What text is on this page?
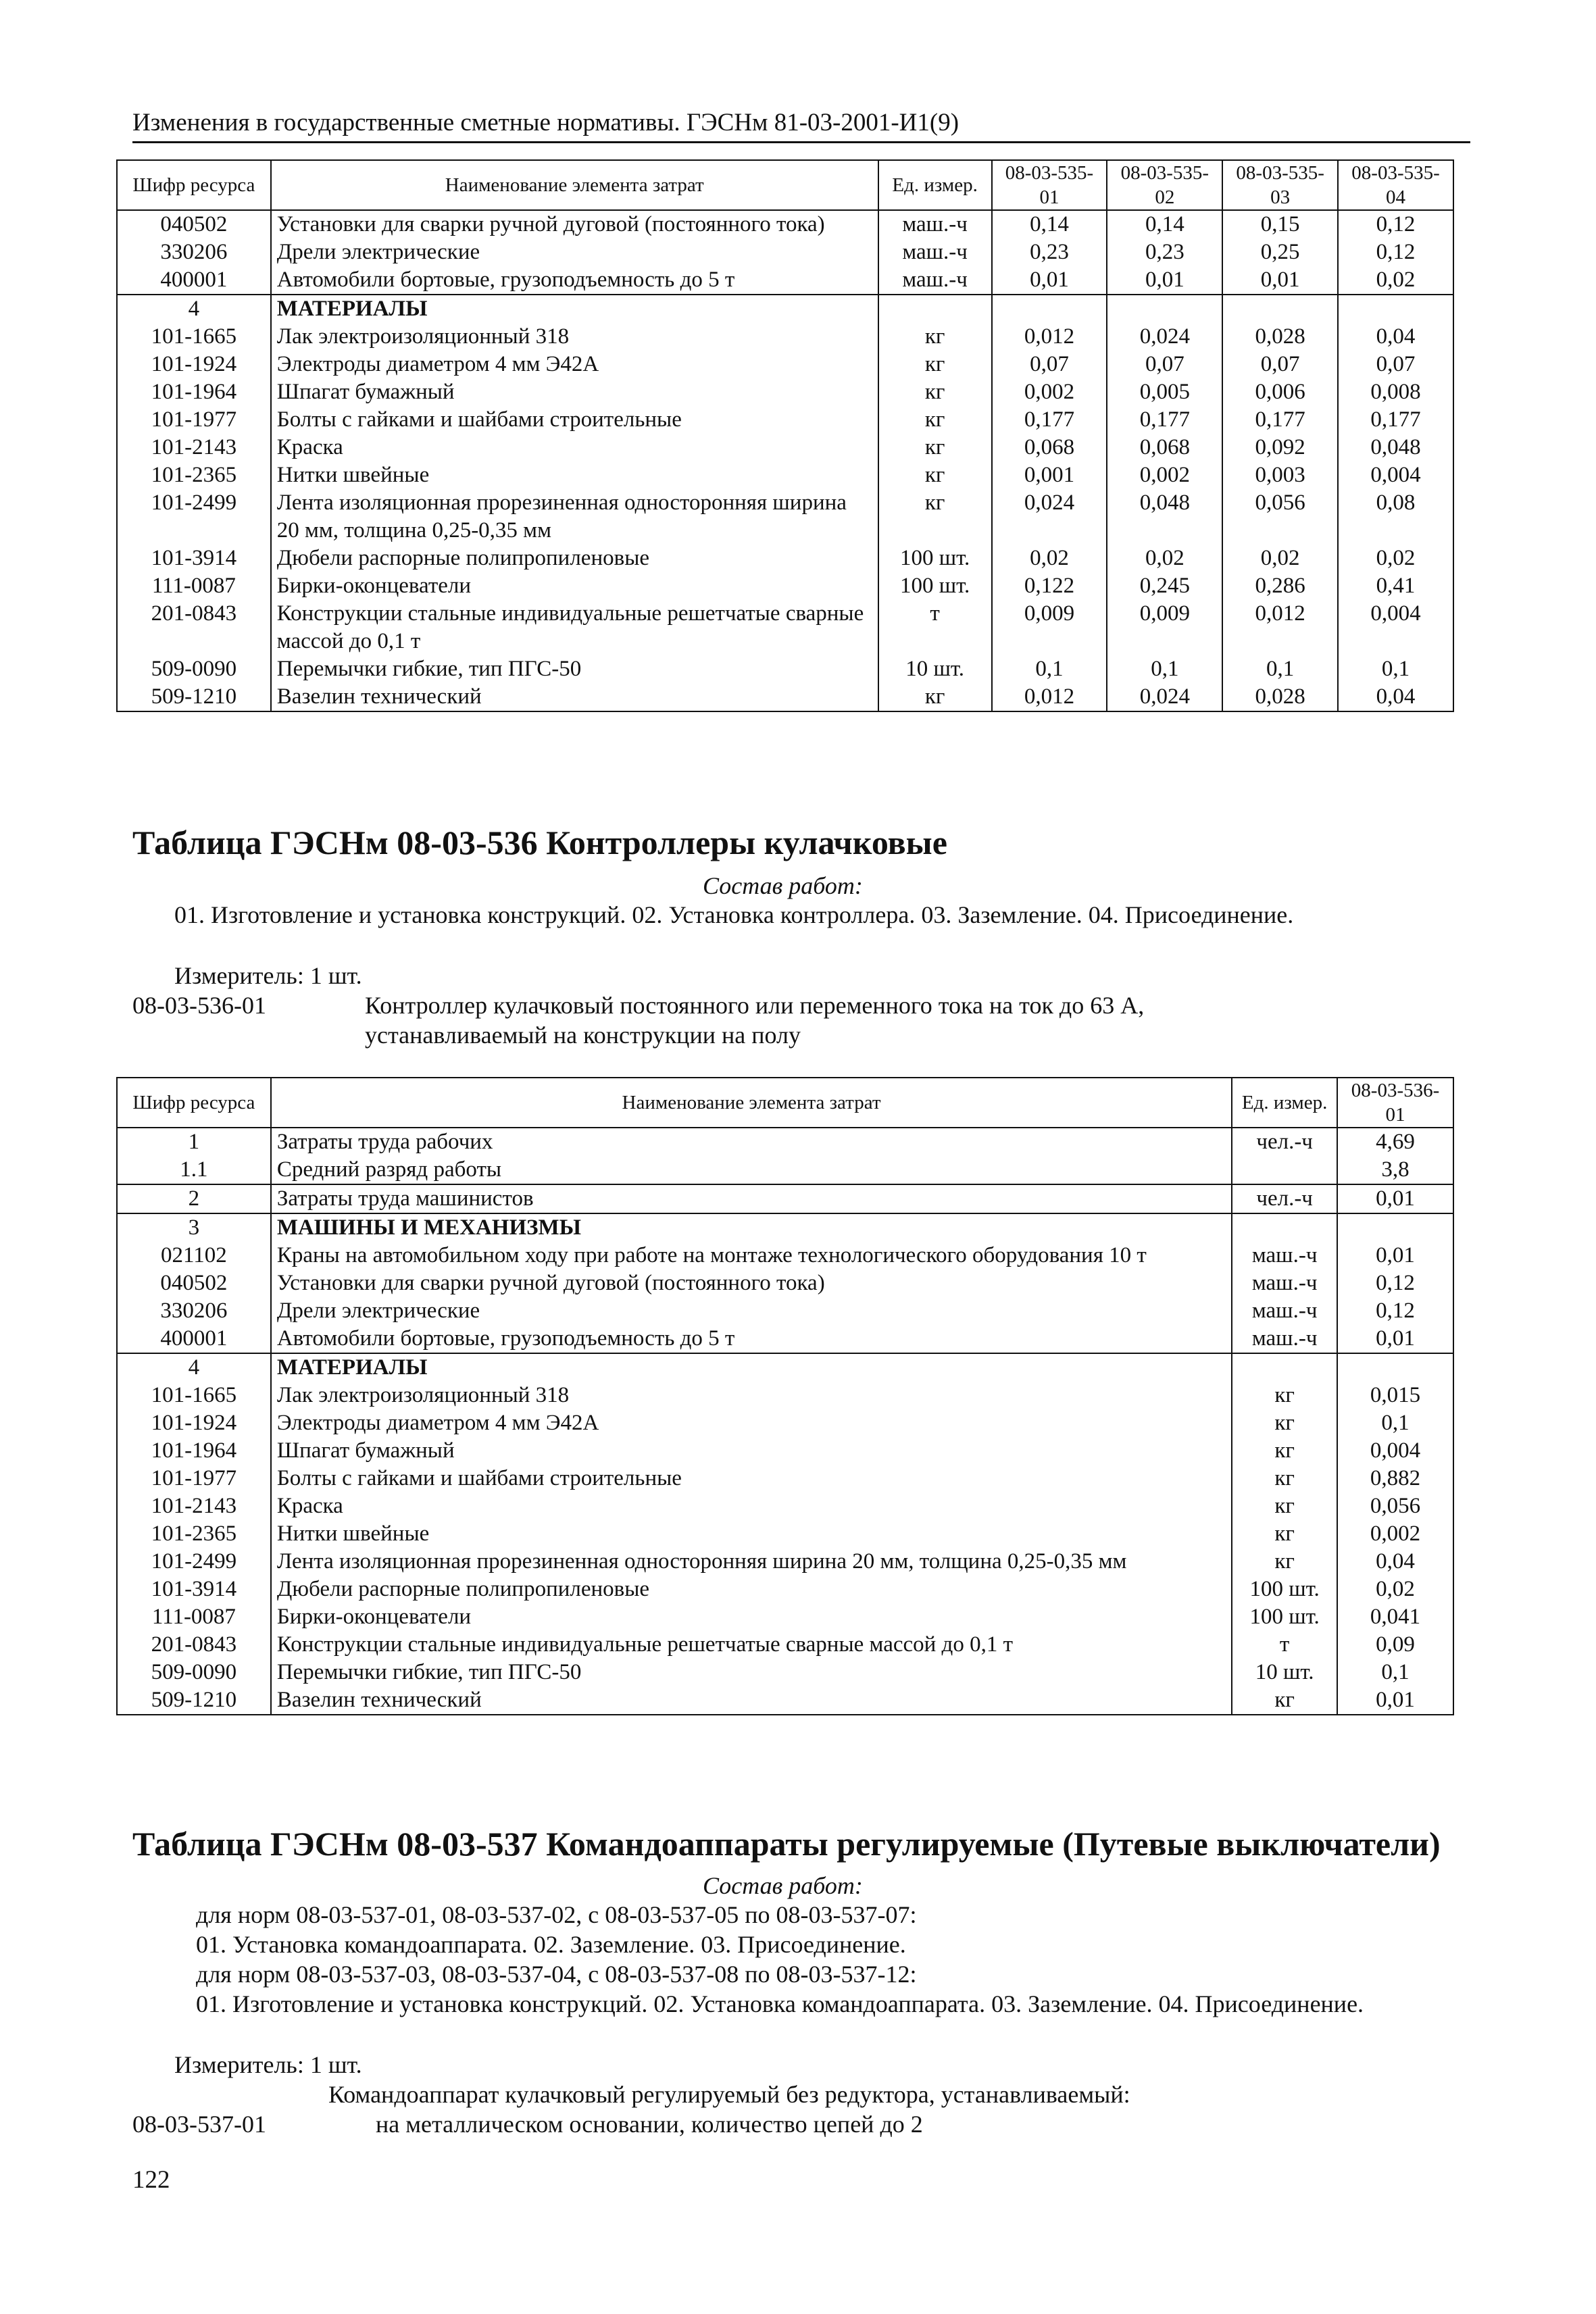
Изменения в государственные сметные нормативы. ГЭСНм 81-03-2001-И1(9)
Шифр ресурса	Наименование элемента затрат	Ед. измер.	08-03-535-01	08-03-535-02	08-03-535-03	08-03-535-04
040502	Установки для сварки ручной дуговой (постоянного тока)	маш.-ч	0,14	0,14	0,15	0,12
330206	Дрели электрические	маш.-ч	0,23	0,23	0,25	0,12
400001	Автомобили бортовые, грузоподъемность до 5 т	маш.-ч	0,01	0,01	0,01	0,02
4	МАТЕРИАЛЫ					
101-1665	Лак электроизоляционный 318	кг	0,012	0,024	0,028	0,04
101-1924	Электроды диаметром 4 мм Э42А	кг	0,07	0,07	0,07	0,07
101-1964	Шпагат бумажный	кг	0,002	0,005	0,006	0,008
101-1977	Болты с гайками и шайбами строительные	кг	0,177	0,177	0,177	0,177
101-2143	Краска	кг	0,068	0,068	0,092	0,048
101-2365	Нитки швейные	кг	0,001	0,002	0,003	0,004
101-2499	Лента изоляционная прорезиненная односторонняя ширина 20 мм, толщина 0,25-0,35 мм	кг	0,024	0,048	0,056	0,08
101-3914	Дюбели распорные полипропиленовые	100 шт.	0,02	0,02	0,02	0,02
111-0087	Бирки-оконцеватели	100 шт.	0,122	0,245	0,286	0,41
201-0843	Конструкции стальные индивидуальные решетчатые сварные массой до 0,1 т	т	0,009	0,009	0,012	0,004
509-0090	Перемычки гибкие, тип ПГС-50	10 шт.	0,1	0,1	0,1	0,1
509-1210	Вазелин технический	кг	0,012	0,024	0,028	0,04
Таблица ГЭСНм 08-03-536 Контроллеры кулачковые
Состав работ:
01. Изготовление и установка конструкций. 02. Установка контроллера. 03. Заземление. 04. Присоединение.
Измеритель: 1 шт.
08-03-536-01	Контроллер кулачковый постоянного или переменного тока на ток до 63 А,
устанавливаемый на конструкции на полу
Шифр ресурса	Наименование элемента затрат	Ед. измер.	08-03-536-01
1	Затраты труда рабочих	чел.-ч	4,69
1.1	Средний разряд работы		3,8
2	Затраты труда машинистов	чел.-ч	0,01
3	МАШИНЫ И МЕХАНИЗМЫ		
021102	Краны на автомобильном ходу при работе на монтаже технологического оборудования 10 т	маш.-ч	0,01
040502	Установки для сварки ручной дуговой (постоянного тока)	маш.-ч	0,12
330206	Дрели электрические	маш.-ч	0,12
400001	Автомобили бортовые, грузоподъемность до 5 т	маш.-ч	0,01
4	МАТЕРИАЛЫ		
101-1665	Лак электроизоляционный 318	кг	0,015
101-1924	Электроды диаметром 4 мм Э42А	кг	0,1
101-1964	Шпагат бумажный	кг	0,004
101-1977	Болты с гайками и шайбами строительные	кг	0,882
101-2143	Краска	кг	0,056
101-2365	Нитки швейные	кг	0,002
101-2499	Лента изоляционная прорезиненная односторонняя ширина 20 мм, толщина 0,25-0,35 мм	кг	0,04
101-3914	Дюбели распорные полипропиленовые	100 шт.	0,02
111-0087	Бирки-оконцеватели	100 шт.	0,041
201-0843	Конструкции стальные индивидуальные решетчатые сварные массой до 0,1 т	т	0,09
509-0090	Перемычки гибкие, тип ПГС-50	10 шт.	0,1
509-1210	Вазелин технический	кг	0,01
Таблица ГЭСНм 08-03-537 Командоаппараты регулируемые (Путевые выключатели)
Состав работ:
для норм 08-03-537-01, 08-03-537-02, с 08-03-537-05 по 08-03-537-07:
01. Установка командоаппарата. 02. Заземление. 03. Присоединение.
для норм 08-03-537-03, 08-03-537-04, с 08-03-537-08 по 08-03-537-12:
01. Изготовление и установка конструкций. 02. Установка командоаппарата. 03. Заземление. 04. Присоединение.
Измеритель: 1 шт.
Командоаппарат кулачковый регулируемый без редуктора, устанавливаемый:
08-03-537-01	на металлическом основании, количество цепей до 2
122
